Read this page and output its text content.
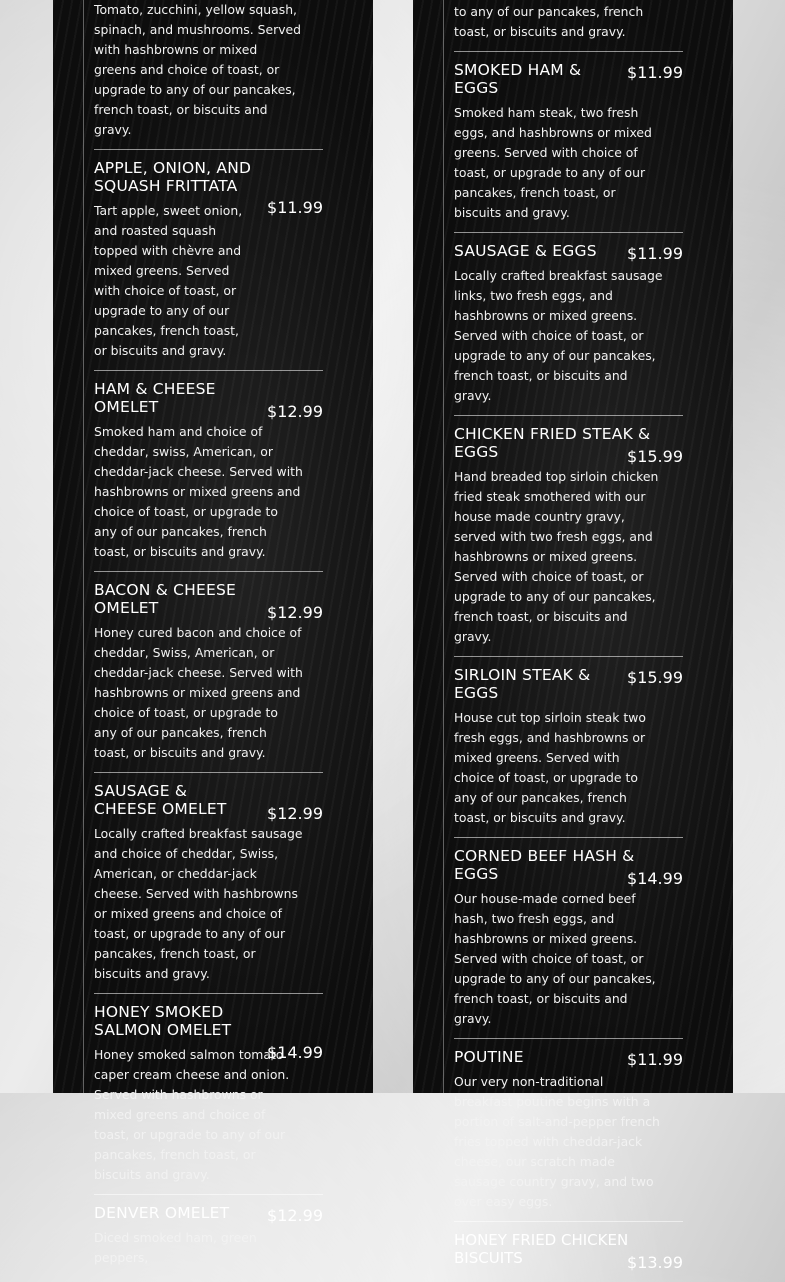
Tomato, zucchini, yellow squash, spinach, and mushrooms. Served with hashbrowns or mixed greens and choice of toast, or upgrade to any of our pancakes, french toast, or biscuits and gravy.

$11.99
APPLE, ONION, AND SQUASH FRITTATA

Tart apple, sweet onion, and roasted squash topped with chèvre and mixed greens. Served with choice of toast, or upgrade to any of our pancakes, french toast, or biscuits and gravy.

$12.99
HAM & CHEESE OMELET

Smoked ham and choice of cheddar, swiss, American, or cheddar-jack cheese. Served with hashbrowns or mixed greens and choice of toast, or upgrade to any of our pancakes, french toast, or biscuits and gravy.

$12.99
BACON & CHEESE OMELET

Honey cured bacon and choice of cheddar, Swiss, American, or cheddar-jack cheese. Served with hashbrowns or mixed greens and choice of toast, or upgrade to any of our pancakes, french toast, or biscuits and gravy.

$12.99
SAUSAGE & CHEESE OMELET

Locally crafted breakfast sausage and choice of cheddar, Swiss, American, or cheddar-jack cheese. Served with hashbrowns or mixed greens and choice of toast, or upgrade to any of our pancakes, french toast, or biscuits and gravy.

$14.99
HONEY SMOKED SALMON OMELET

Honey smoked salmon tomato caper cream cheese and onion. Served with hashbrowns or mixed greens and choice of toast, or upgrade to any of our pancakes, french toast, or biscuits and gravy.

$12.99
DENVER OMELET

Diced smoked ham, green peppers,

to any of our pancakes, french toast, or biscuits and gravy.

$11.99
SMOKED HAM & EGGS

Smoked ham steak, two fresh eggs, and hashbrowns or mixed greens. Served with choice of toast, or upgrade to any of our pancakes, french toast, or biscuits and gravy.

$11.99
SAUSAGE & EGGS

Locally crafted breakfast sausage links, two fresh eggs, and hashbrowns or mixed greens. Served with choice of toast, or upgrade to any of our pancakes, french toast, or biscuits and gravy.

$15.99
CHICKEN FRIED STEAK & EGGS

Hand breaded top sirloin chicken fried steak smothered with our house made country gravy, served with two fresh eggs, and hashbrowns or mixed greens. Served with choice of toast, or upgrade to any of our pancakes, french toast, or biscuits and gravy.

$15.99
SIRLOIN STEAK & EGGS

House cut top sirloin steak two fresh eggs, and hashbrowns or mixed greens. Served with choice of toast, or upgrade to any of our pancakes, french toast, or biscuits and gravy.

$14.99
CORNED BEEF HASH & EGGS

Our house-made corned beef hash, two fresh eggs, and hashbrowns or mixed greens. Served with choice of toast, or upgrade to any of our pancakes, french toast, or biscuits and gravy.

$11.99
POUTINE

Our very non-traditional breakfast poutine begins with a portion of salt-and-pepper french fries topped with cheddar-jack cheese, our scratch made sausage country gravy, and two over easy eggs.

$13.99
HONEY FRIED CHICKEN BISCUITS
